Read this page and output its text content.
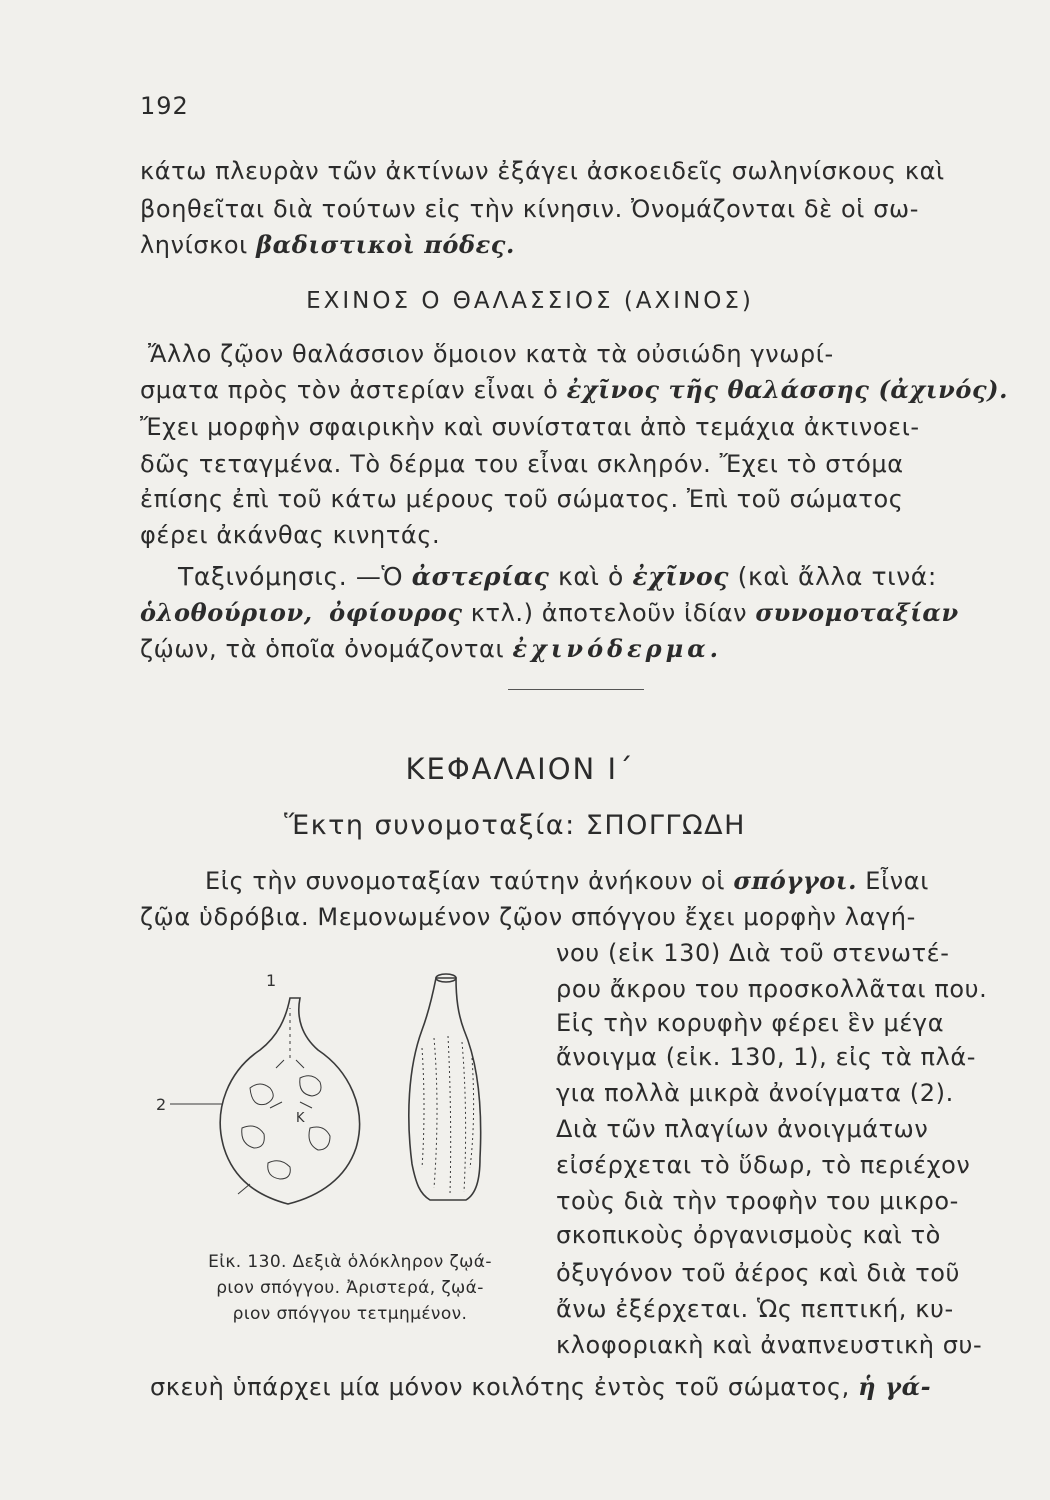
192
κάτω πλευρὰν τῶν ἀκτίνων ἐξάγει ἀσκοειδεῖς σωληνίσκους καὶ
βοηθεῖται διὰ τούτων εἰς τὴν κίνησιν. Ὀνομάζονται δὲ οἱ σω-
ληνίσκοι βαδιστικοὶ πόδες.
ΕΧΙΝΟΣ Ο ΘΑΛΑΣΣΙΟΣ (ΑΧΙΝΟΣ)
Ἄλλο ζῷον θαλάσσιον ὅμοιον κατὰ τὰ οὐσιώδη γνωρί-
σματα πρὸς τὸν ἀστερίαν εἶναι ὁ ἐχῖνος τῆς θαλάσσης (ἀχινός).
Ἔχει μορφὴν σφαιρικὴν καὶ συνίσταται ἀπὸ τεμάχια ἀκτινοει-
δῶς τεταγμένα. Τὸ δέρμα του εἶναι σκληρόν. Ἔχει τὸ στόμα
ἐπίσης ἐπὶ τοῦ κάτω μέρους τοῦ σώματος. Ἐπὶ τοῦ σώματος
φέρει ἀκάνθας κινητάς.
Ταξινόμησις. —Ὁ ἀστερίας καὶ ὁ ἐχῖνος (καὶ ἄλλα τινά:
ὁλοθούριον, ὀφίουρος κτλ.) ἀποτελοῦν ἰδίαν συνομοταξίαν
ζῴων, τὰ ὁποῖα ὀνομάζονται ἐχινόδερμα.
ΚΕΦΑΛΑΙΟΝ Ι΄
Ἕκτη συνομοταξία: ΣΠΟΓΓΩΔΗ
Εἰς τὴν συνομοταξίαν ταύτην ἀνήκουν οἱ σπόγγοι. Εἶναι
ζῷα ὑδρόβια. Μεμονωμένον ζῷον σπόγγου ἔχει μορφὴν λαγή-
νου (εἰκ 130) Διὰ τοῦ στενωτέ-
ρου ἄκρου του προσκολλᾶται που.
Εἰς τὴν κορυφὴν φέρει ἓν μέγα
ἄνοιγμα (εἰκ. 130, 1), εἰς τὰ πλά-
για πολλὰ μικρὰ ἀνοίγματα (2).
Διὰ τῶν πλαγίων ἀνοιγμάτων
εἰσέρχεται τὸ ὕδωρ, τὸ περιέχον
τοὺς διὰ τὴν τροφὴν του μικρο-
σκοπικοὺς ὀργανισμοὺς καὶ τὸ
ὀξυγόνον τοῦ ἀέρος καὶ διὰ τοῦ
ἄνω ἐξέρχεται. Ὡς πεπτική, κυ-
κλοφοριακὴ καὶ ἀναπνευστικὴ συ-
σκευὴ ὑπάρχει μία μόνον κοιλότης ἐντὸς τοῦ σώματος, ἡ γά-
1
2
K
Εἰκ. 130. Δεξιὰ ὁλόκληρον ζῳά-
ριον σπόγγου. Ἀριστερά, ζῳά-
ριον σπόγγου τετμημένον.
